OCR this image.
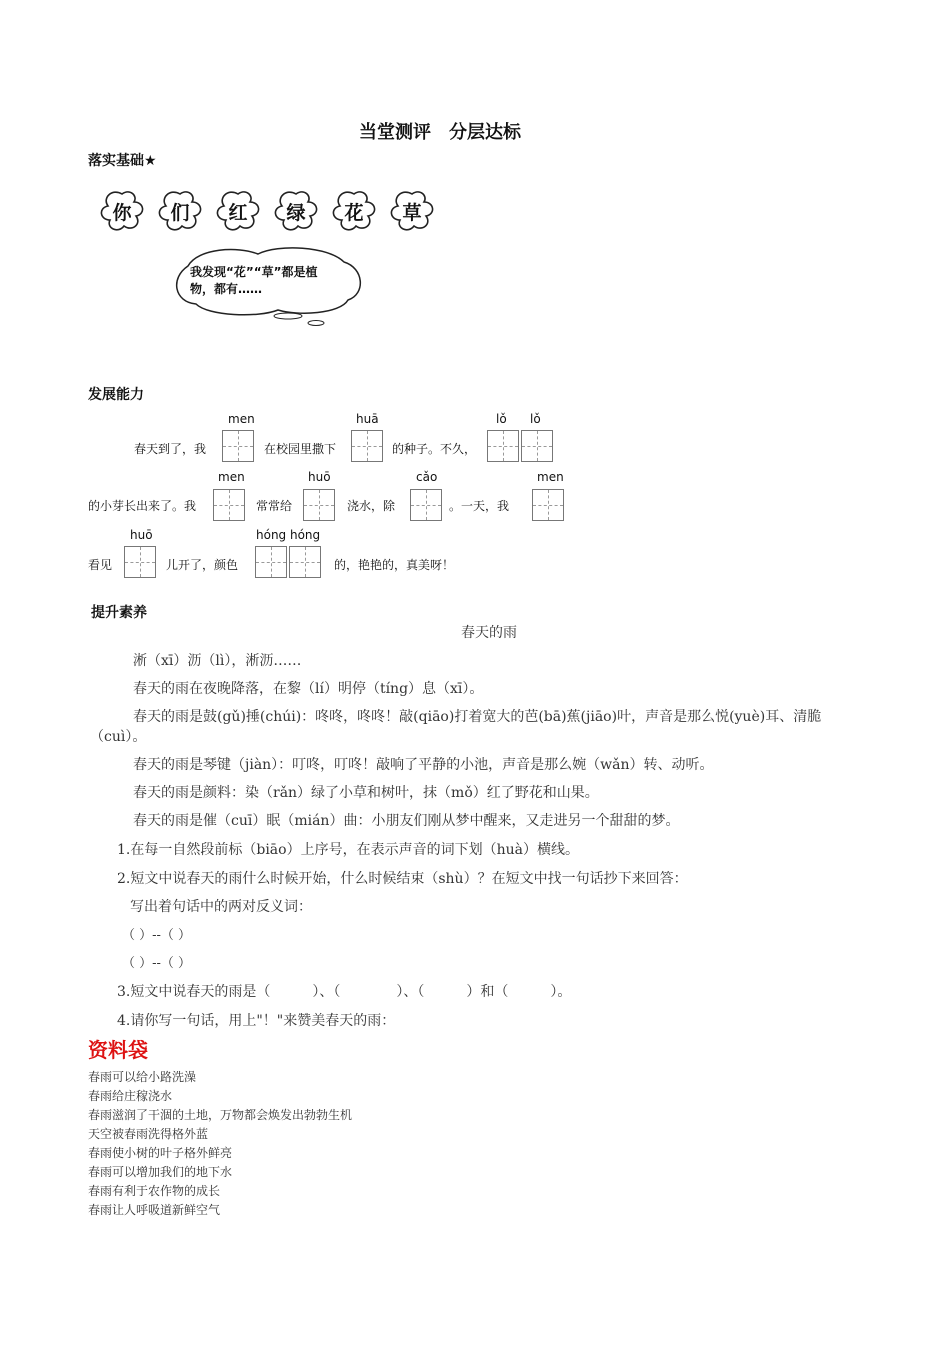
当堂测评　分层达标
落实基础★
你	们	红	绿	花	草
我发现“花”“草”都是植物，都有……
发展能力
men	huā	lǒ lǒ
春天到了，我	在校园里撒下	的种子。不久，
men	huō	cǎo	men
的小芽长出来了。我	常常给	浇水，除	。一天，我
huō	hóng hóng
看见	儿开了，颜色	的，艳艳的，真美呀！
提升素养
春天的雨
淅（xī）沥（lì），淅沥……
春天的雨在夜晚降落，在黎（lí）明停（tíng）息（xī）。
春天的雨是鼓(gǔ)捶(chúi)：咚咚，咚咚！敲(qiāo)打着宽大的芭(bā)蕉(jiāo)叶，声音是那么悦(yuè)耳、清脆
（cuì）。
春天的雨是琴键（jiàn）：叮咚，叮咚！敲响了平静的小池，声音是那么婉（wǎn）转、动听。
春天的雨是颜料：染（rǎn）绿了小草和树叶，抹（mǒ）红了野花和山果。
春天的雨是催（cuī）眠（mián）曲：小朋友们刚从梦中醒来，又走进另一个甜甜的梦。
1.在每一自然段前标（biāo）上序号，在表示声音的词下划（huà）横线。
2.短文中说春天的雨什么时候开始，什么时候结束（shù）？在短文中找一句话抄下来回答：
写出着句话中的两对反义词：
（ ）--（ ）
（ ）--（ ）
3.短文中说春天的雨是（　　　）、（　　　　）、（　　　）和（　　　）。
4.请你写一句话，用上"！"来赞美春天的雨：
资料袋
春雨可以给小路洗澡
春雨给庄稼浇水
春雨滋润了干涸的土地，万物都会焕发出勃勃生机
天空被春雨洗得格外蓝
春雨使小树的叶子格外鲜亮
春雨可以增加我们的地下水
春雨有利于农作物的成长
春雨让人呼吸道新鲜空气
